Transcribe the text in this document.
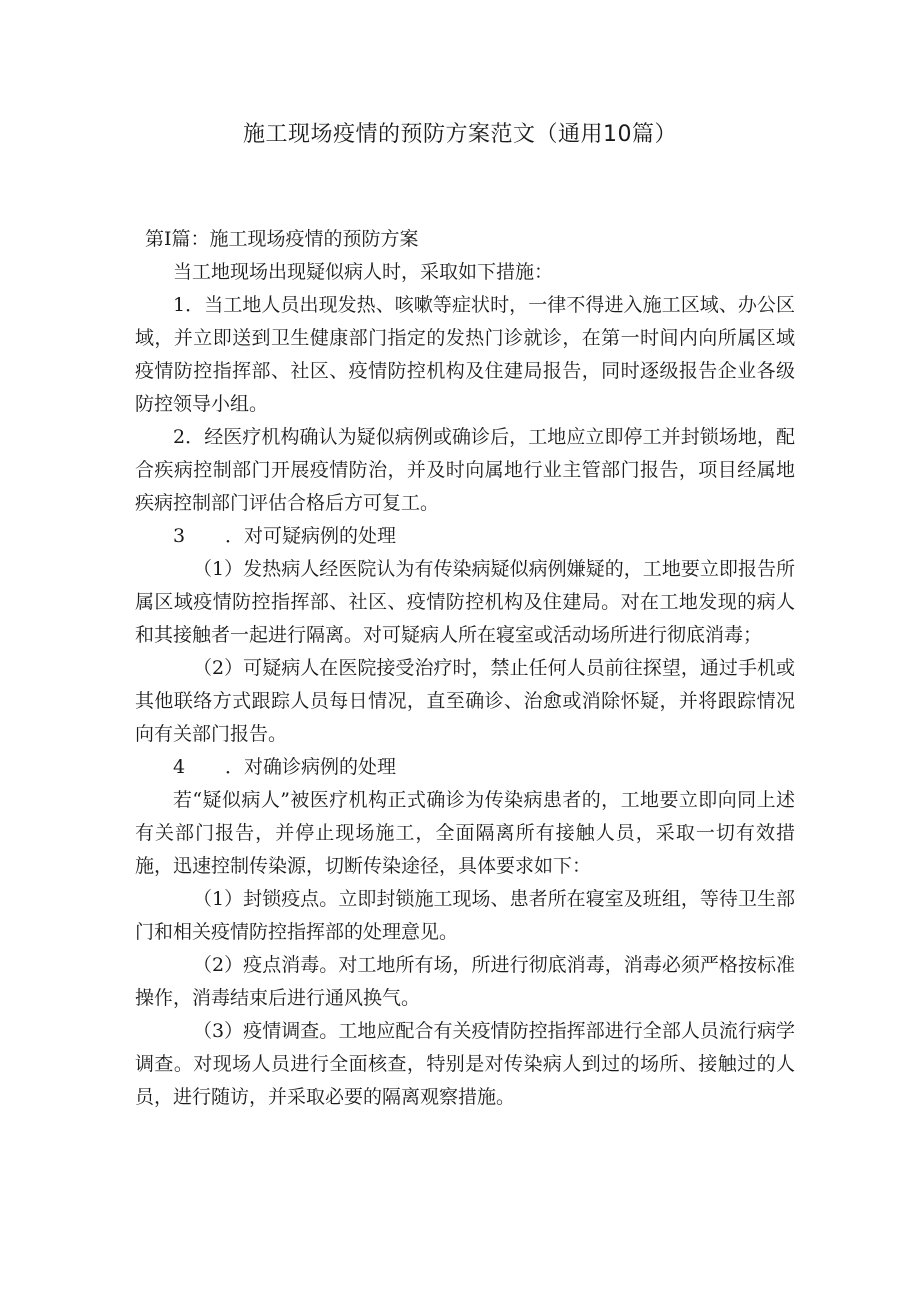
施工现场疫情的预防方案范文（通用10篇）

第I篇：施工现场疫情的预防方案

当工地现场出现疑似病人时，采取如下措施：

1．当工地人员出现发热、咳嗽等症状时，一律不得进入施工区域、办公区域，并立即送到卫生健康部门指定的发热门诊就诊，在第一时间内向所属区域疫情防控指挥部、社区、疫情防控机构及住建局报告，同时逐级报告企业各级防控领导小组。

2．经医疗机构确认为疑似病例或确诊后，工地应立即停工并封锁场地，配合疾病控制部门开展疫情防治，并及时向属地行业主管部门报告，项目经属地疾病控制部门评估合格后方可复工。

3 ．对可疑病例的处理

（1）发热病人经医院认为有传染病疑似病例嫌疑的，工地要立即报告所属区域疫情防控指挥部、社区、疫情防控机构及住建局。对在工地发现的病人和其接触者一起进行隔离。对可疑病人所在寝室或活动场所进行彻底消毒；

（2）可疑病人在医院接受治疗时，禁止任何人员前往探望，通过手机或其他联络方式跟踪人员每日情况，直至确诊、治愈或消除怀疑，并将跟踪情况向有关部门报告。

4 ．对确诊病例的处理

若“疑似病人”被医疗机构正式确诊为传染病患者的，工地要立即向同上述有关部门报告，并停止现场施工，全面隔离所有接触人员，采取一切有效措施，迅速控制传染源，切断传染途径，具体要求如下：

（1）封锁疫点。立即封锁施工现场、患者所在寝室及班组，等待卫生部门和相关疫情防控指挥部的处理意见。

（2）疫点消毒。对工地所有场，所进行彻底消毒，消毒必须严格按标准操作，消毒结束后进行通风换气。

（3）疫情调查。工地应配合有关疫情防控指挥部进行全部人员流行病学调查。对现场人员进行全面核查，特别是对传染病人到过的场所、接触过的人员，进行随访，并采取必要的隔离观察措施。
